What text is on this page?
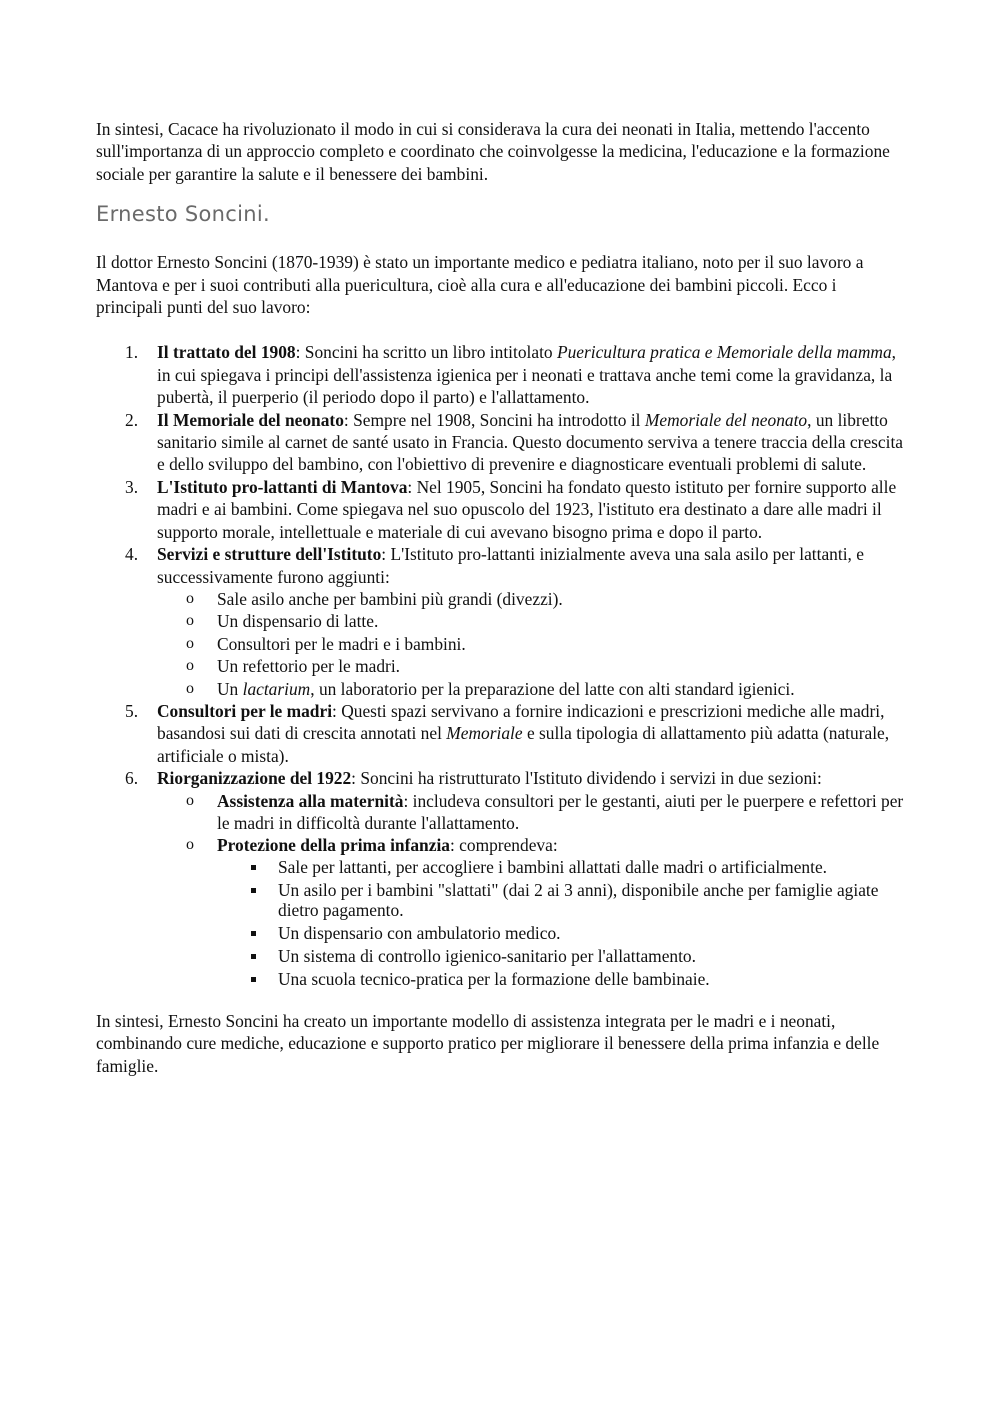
In sintesi, Cacace ha rivoluzionato il modo in cui si considerava la cura dei neonati in Italia, mettendo l'accento sull'importanza di un approccio completo e coordinato che coinvolgesse la medicina, l'educazione e la formazione sociale per garantire la salute e il benessere dei bambini.

Ernesto Soncini.

Il dottor Ernesto Soncini (1870-1939) è stato un importante medico e pediatra italiano, noto per il suo lavoro a Mantova e per i suoi contributi alla puericultura, cioè alla cura e all'educazione dei bambini piccoli. Ecco i principali punti del suo lavoro:

1.	Il trattato del 1908: Soncini ha scritto un libro intitolato Puericultura pratica e Memoriale della mamma, in cui spiegava i principi dell'assistenza igienica per i neonati e trattava anche temi come la gravidanza, la pubertà, il puerperio (il periodo dopo il parto) e l'allattamento.
2.	Il Memoriale del neonato: Sempre nel 1908, Soncini ha introdotto il Memoriale del neonato, un libretto sanitario simile al carnet de santé usato in Francia. Questo documento serviva a tenere traccia della crescita e dello sviluppo del bambino, con l'obiettivo di prevenire e diagnosticare eventuali problemi di salute.
3.	L'Istituto pro-lattanti di Mantova: Nel 1905, Soncini ha fondato questo istituto per fornire supporto alle madri e ai bambini. Come spiegava nel suo opuscolo del 1923, l'istituto era destinato a dare alle madri il supporto morale, intellettuale e materiale di cui avevano bisogno prima e dopo il parto.
4.	Servizi e strutture dell'Istituto: L'Istituto pro-lattanti inizialmente aveva una sala asilo per lattanti, e successivamente furono aggiunti:
o Sale asilo anche per bambini più grandi (divezzi).
o Un dispensario di latte.
o Consultori per le madri e i bambini.
o Un refettorio per le madri.
o Un lactarium, un laboratorio per la preparazione del latte con alti standard igienici.
5.	Consultori per le madri: Questi spazi servivano a fornire indicazioni e prescrizioni mediche alle madri, basandosi sui dati di crescita annotati nel Memoriale e sulla tipologia di allattamento più adatta (naturale, artificiale o mista).
6.	Riorganizzazione del 1922: Soncini ha ristrutturato l'Istituto dividendo i servizi in due sezioni:
o Assistenza alla maternità: includeva consultori per le gestanti, aiuti per le puerpere e refettori per le madri in difficoltà durante l'allattamento.
o Protezione della prima infanzia: comprendeva:
Sale per lattanti, per accogliere i bambini allattati dalle madri o artificialmente.
Un asilo per i bambini "slattati" (dai 2 ai 3 anni), disponibile anche per famiglie agiate dietro pagamento.
Un dispensario con ambulatorio medico.
Un sistema di controllo igienico-sanitario per l'allattamento.
Una scuola tecnico-pratica per la formazione delle bambinaie.

In sintesi, Ernesto Soncini ha creato un importante modello di assistenza integrata per le madri e i neonati, combinando cure mediche, educazione e supporto pratico per migliorare il benessere della prima infanzia e delle famiglie.
